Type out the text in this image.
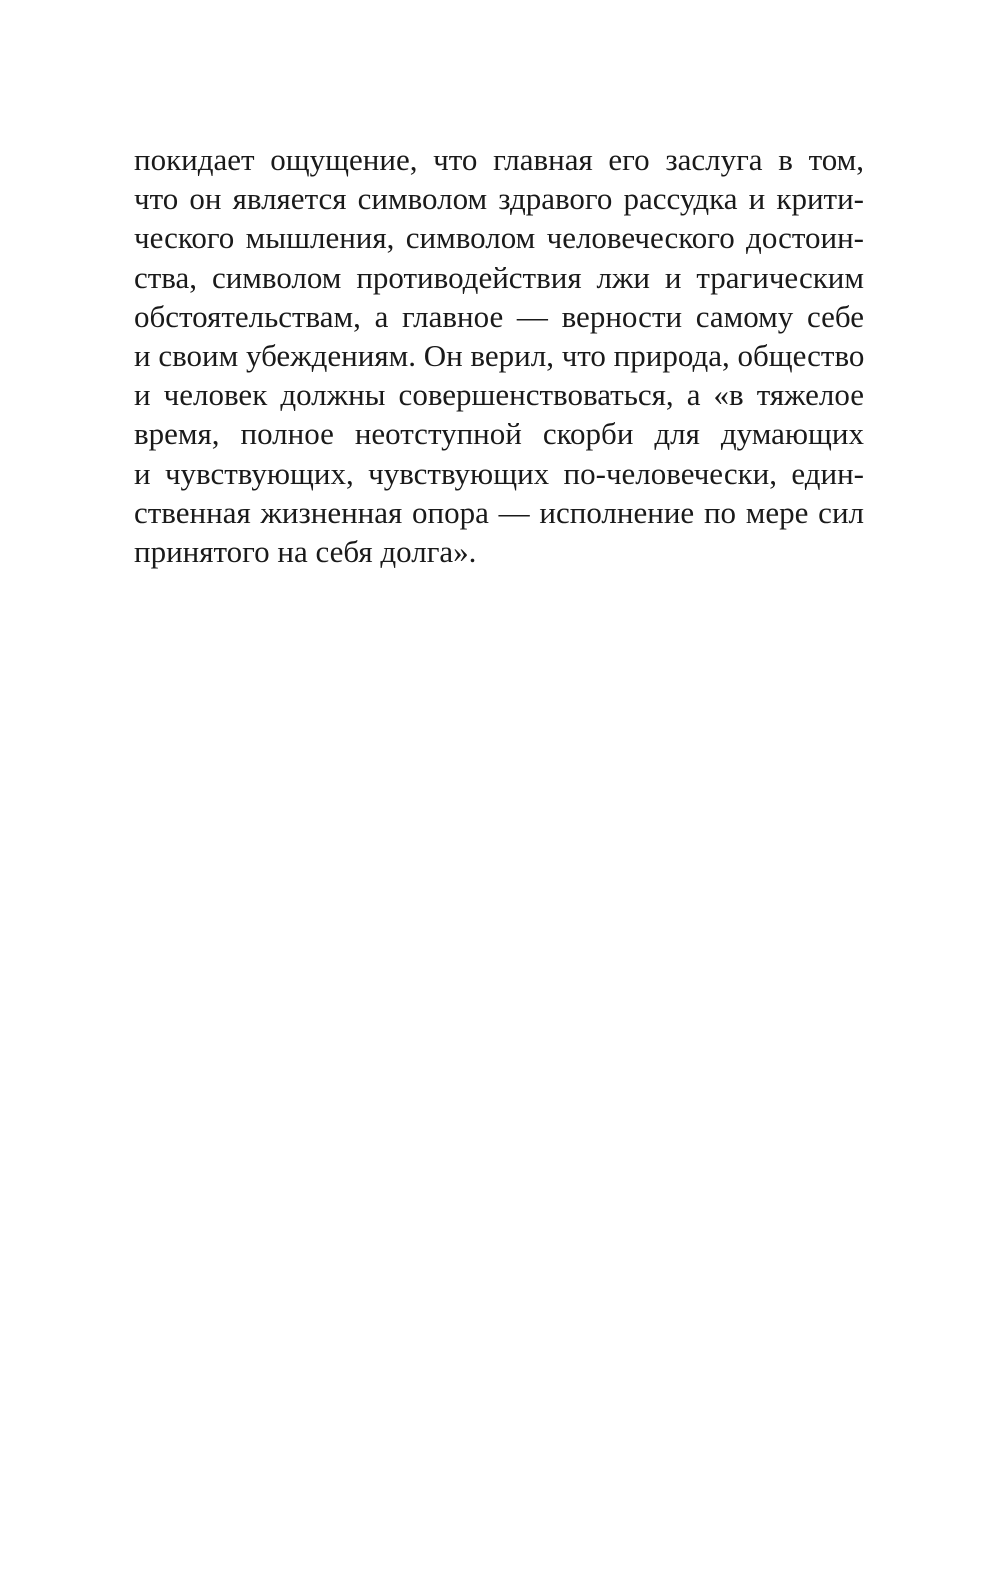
покидает ощущение, что главная его заслуга в том,
что он является символом здравого рассудка и крити-
ческого мышления, символом человеческого достоин-
ства, символом противодействия лжи и трагическим
обстоятельствам, а главное — верности самому себе
и своим убеждениям. Он верил, что природа, общество
и человек должны совершенствоваться, а «в тяжелое
время, полное неотступной скорби для думающих
и чувствующих, чувствующих по-человечески, един-
ственная жизненная опора — исполнение по мере сил
принятого на себя долга».
